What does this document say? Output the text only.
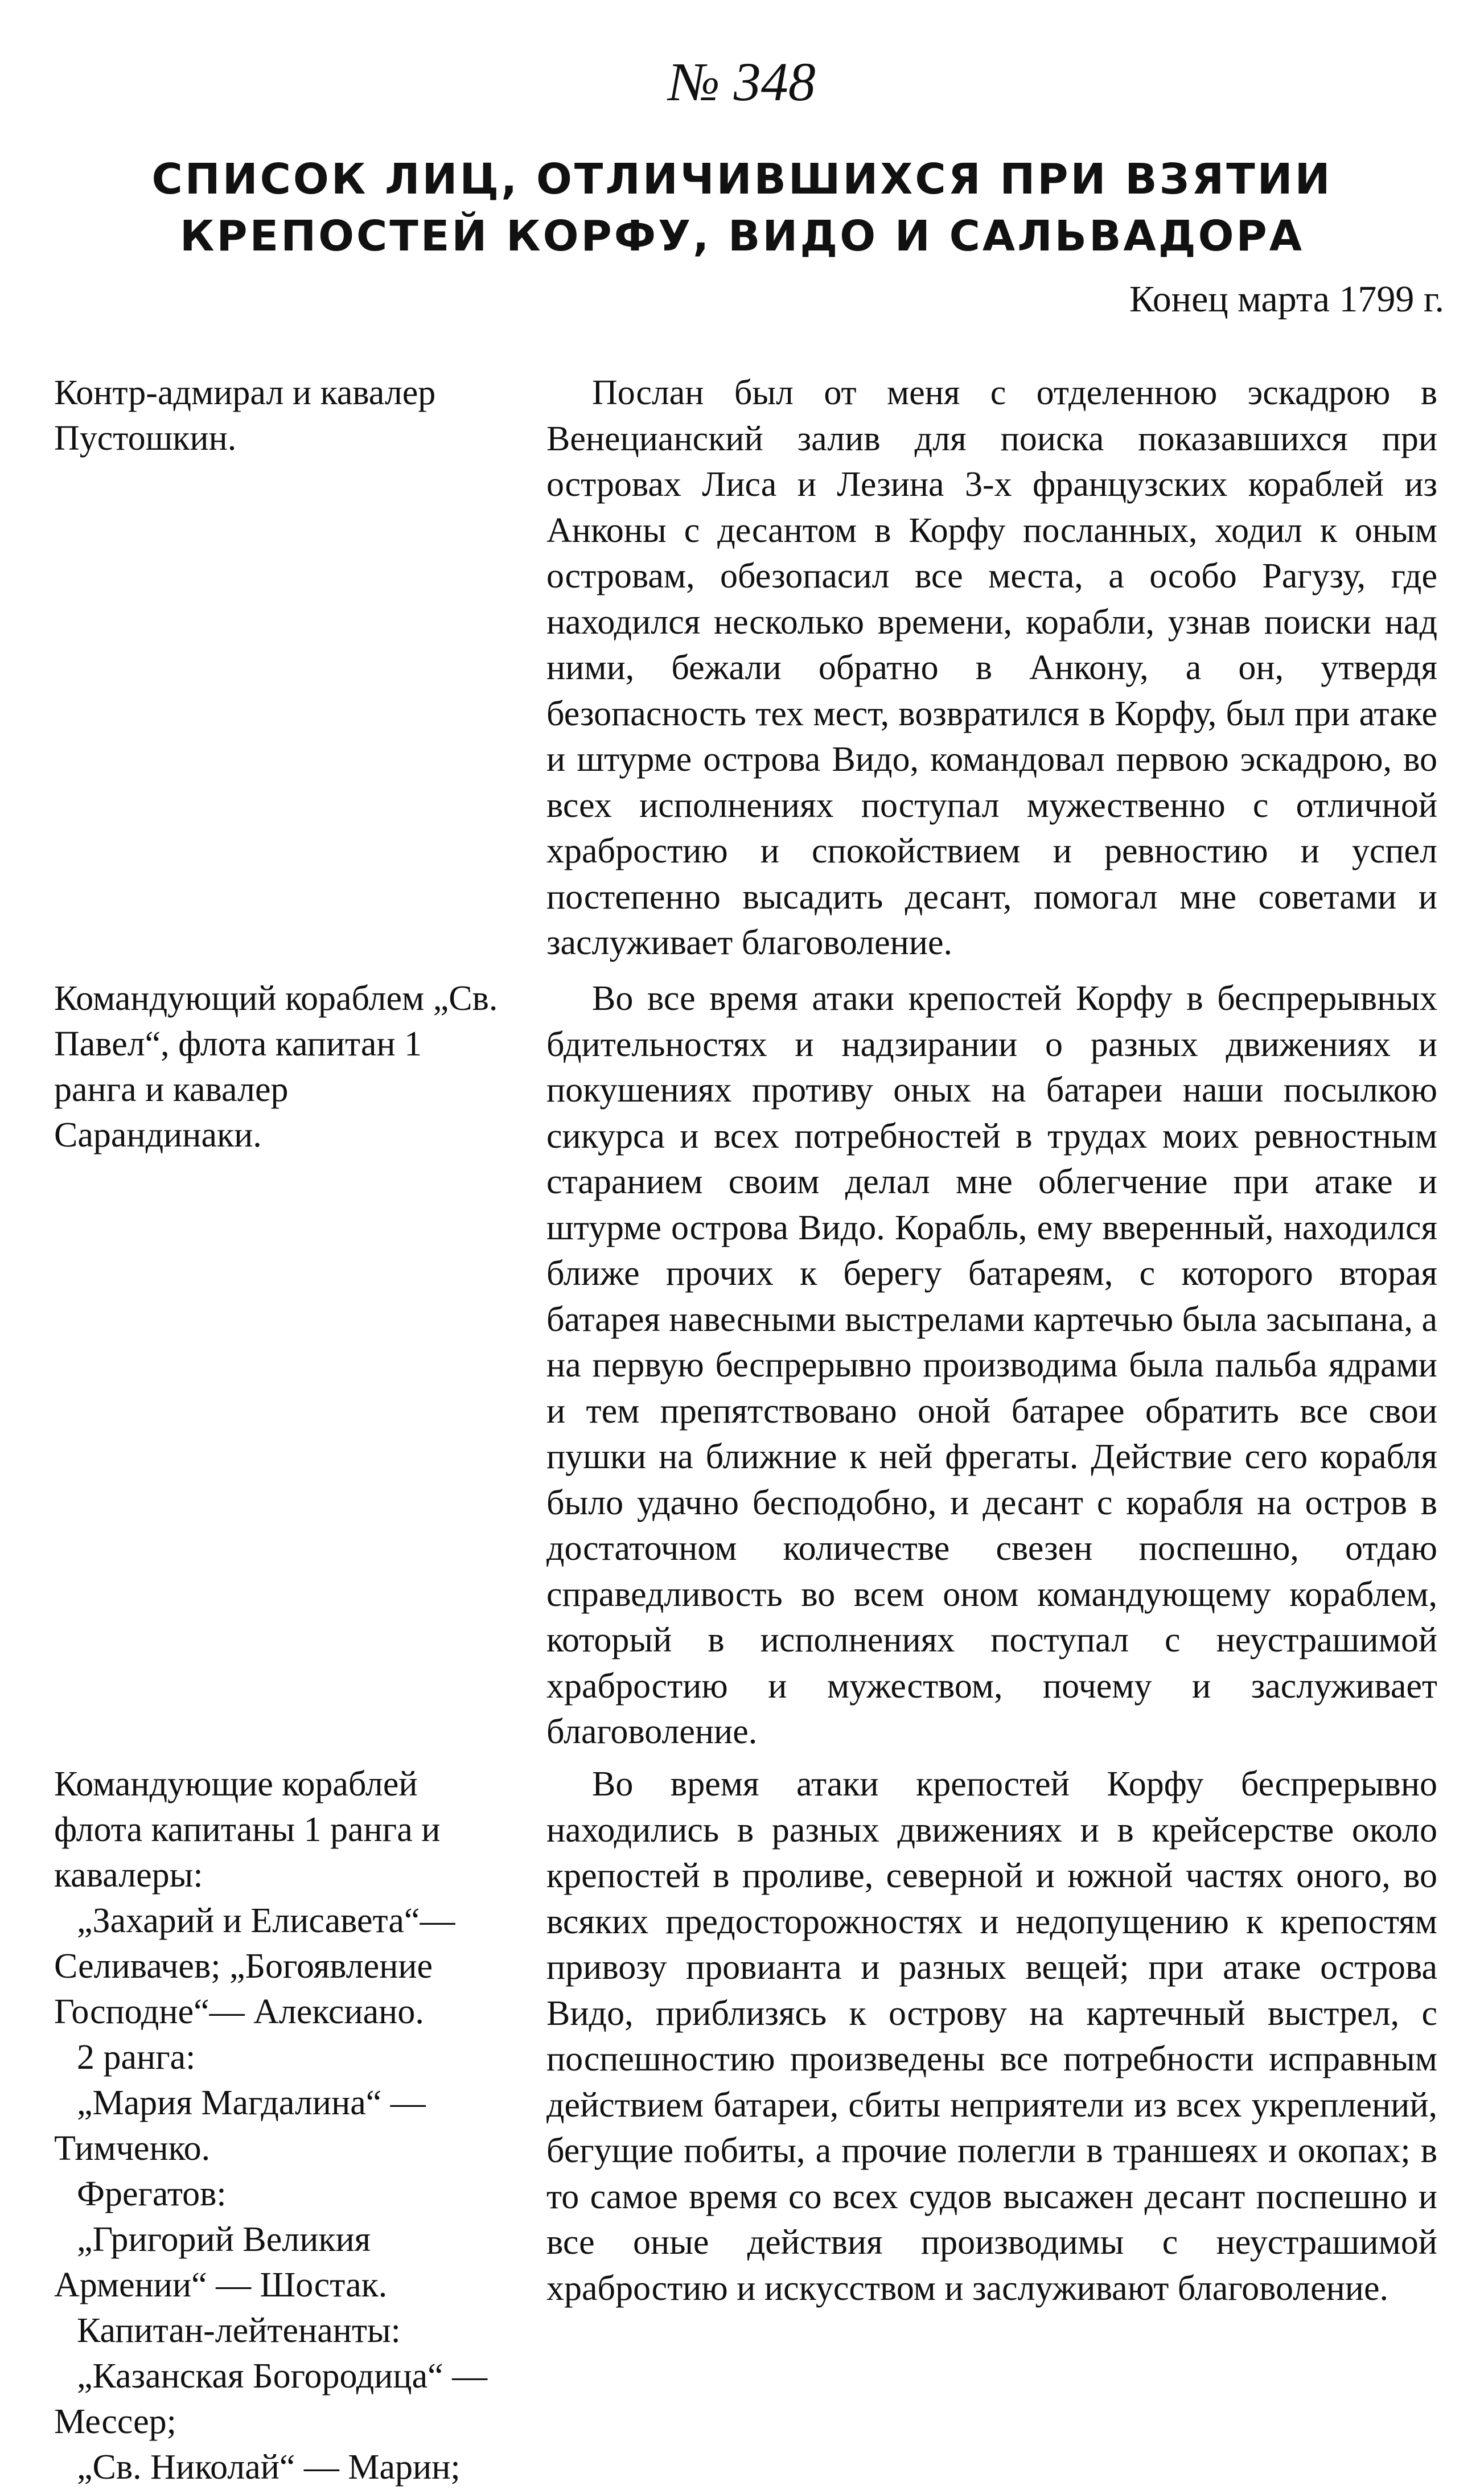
№ 348
СПИСОК ЛИЦ, ОТЛИЧИВШИХСЯ ПРИ ВЗЯТИИ КРЕПОСТЕЙ КОРФУ, ВИДО И САЛЬВАДОРА
Конец марта 1799 г.

Контр-адмирал и кавалер Пустошкин.

Послан был от меня с отделенною эскадрою в Венецианский залив для поиска показавшихся при островах Лиса и Лезина 3-х французских кораблей из Анконы с десантом в Корфу посланных, ходил к оным островам, обезопасил все места, а особо Рагузу, где находился несколько времени, корабли, узнав поиски над ними, бежали обратно в Анкону, а он, утвердя безопасность тех мест, возвратился в Корфу, был при атаке и штурме острова Видо, командовал первою эскадрою, во всех исполнениях поступал мужественно с отличной храбростию и спокойствием и ревностию и успел постепенно высадить десант, помогал мне советами и заслуживает благоволение.

Командующий кораблем „Св. Павел“, флота капитан 1 ранга и кавалер Сарандинаки.

Во все время атаки крепостей Корфу в беспрерывных бдительностях и надзирании о разных движениях и покушениях противу оных на батареи наши посылкою сикурса и всех потребностей в трудах моих ревностным старанием своим делал мне облегчение при атаке и штурме острова Видо. Корабль, ему вверенный, находился ближе прочих к берегу батареям, с которого вторая батарея навесными выстрелами картечью была засыпана, а на первую беспрерывно производима была пальба ядрами и тем препятствовано оной батарее обратить все свои пушки на ближние к ней фрегаты. Действие сего корабля было удачно бесподобно, и десант с корабля на остров в достаточном количестве свезен поспешно, отдаю справедливость во всем оном командующему кораблем, который в исполнениях поступал с неустрашимой храбростию и мужеством, почему и заслуживает благоволение.

Командующие кораблей флота капитаны 1 ранга и кавалеры:

„Захарий и Елисавета“— Селивачев; „Богоявление Господне“— Алексиано.

2 ранга:

„Мария Магдалина“ — Тимченко.

Фрегатов:

„Григорий Великия Армении“ — Шостак.

Капитан-лейтенанты:

„Казанская Богородица“ — Мессер;

„Св. Николай“ — Марин;

Во время атаки крепостей Корфу беспрерывно находились в разных движениях и в крейсерстве около крепостей в проливе, северной и южной частях оного, во всяких предосторожностях и недопущению к крепостям привозу провианта и разных вещей; при атаке острова Видо, приблизясь к острову на картечный выстрел, с поспешностию произведены все потребности исправным действием батареи, сбиты неприятели из всех укреплений, бегущие побиты, а прочие полегли в траншеях и окопах; в то самое время со всех судов высажен десант поспешно и все оные действия производимы с неустрашимой храбростию и искусством и заслуживают благоволение.
